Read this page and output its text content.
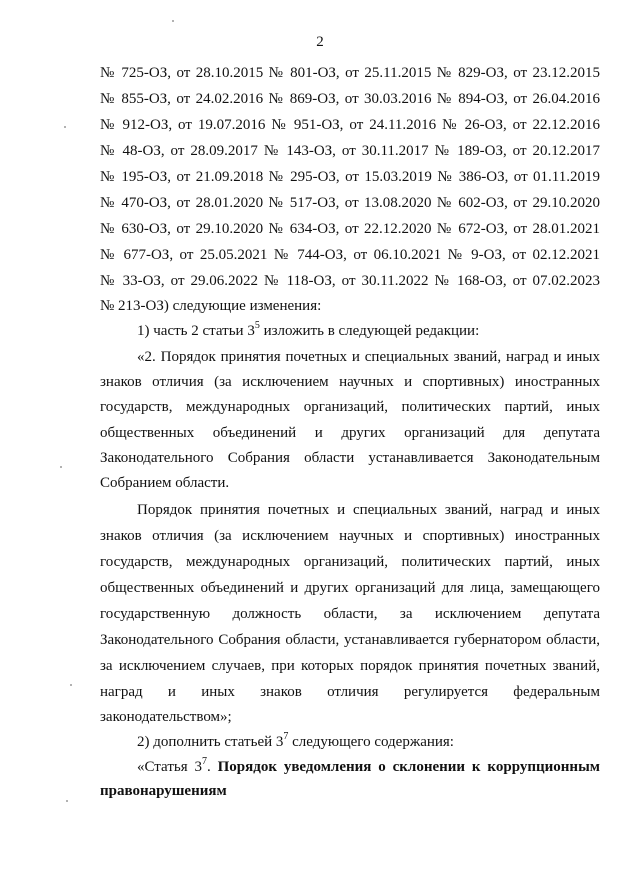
2
№ 725-ОЗ, от 28.10.2015 № 801-ОЗ, от 25.11.2015 № 829-ОЗ, от 23.12.2015
№ 855-ОЗ, от 24.02.2016 № 869-ОЗ, от 30.03.2016 № 894-ОЗ, от 26.04.2016
№ 912-ОЗ, от 19.07.2016 № 951-ОЗ, от 24.11.2016 № 26-ОЗ, от 22.12.2016
№ 48-ОЗ, от 28.09.2017 № 143-ОЗ, от 30.11.2017 № 189-ОЗ, от 20.12.2017
№ 195-ОЗ, от 21.09.2018 № 295-ОЗ, от 15.03.2019 № 386-ОЗ, от 01.11.2019
№ 470-ОЗ, от 28.01.2020 № 517-ОЗ, от 13.08.2020 № 602-ОЗ, от 29.10.2020
№ 630-ОЗ, от 29.10.2020 № 634-ОЗ, от 22.12.2020 № 672-ОЗ, от 28.01.2021
№ 677-ОЗ, от 25.05.2021 № 744-ОЗ, от 06.10.2021 № 9-ОЗ, от 02.12.2021
№ 33-ОЗ, от 29.06.2022 № 118-ОЗ, от 30.11.2022 № 168-ОЗ, от 07.02.2023
№ 213-ОЗ) следующие изменения:
1) часть 2 статьи $3^5$ изложить в следующей редакции:
«2. Порядок принятия почетных и специальных званий, наград и иных
знаков отличия (за исключением научных и спортивных) иностранных
государств, международных организаций, политических партий, иных
общественных объединений и других организаций для депутата
Законодательного Собрания области устанавливается Законодательным
Собранием области.
Порядок принятия почетных и специальных званий, наград и иных
знаков отличия (за исключением научных и спортивных) иностранных
государств, международных организаций, политических партий, иных
общественных объединений и других организаций для лица, замещающего
государственную должность области, за исключением депутата
Законодательного Собрания области, устанавливается губернатором области,
за исключением случаев, при которых порядок принятия почетных званий,
наград и иных знаков отличия регулируется федеральным
законодательством»;
2) дополнить статьей $3^7$ следующего содержания:
«Статья $3^7$. Порядок уведомления о склонении к коррупционным
правонарушениям
